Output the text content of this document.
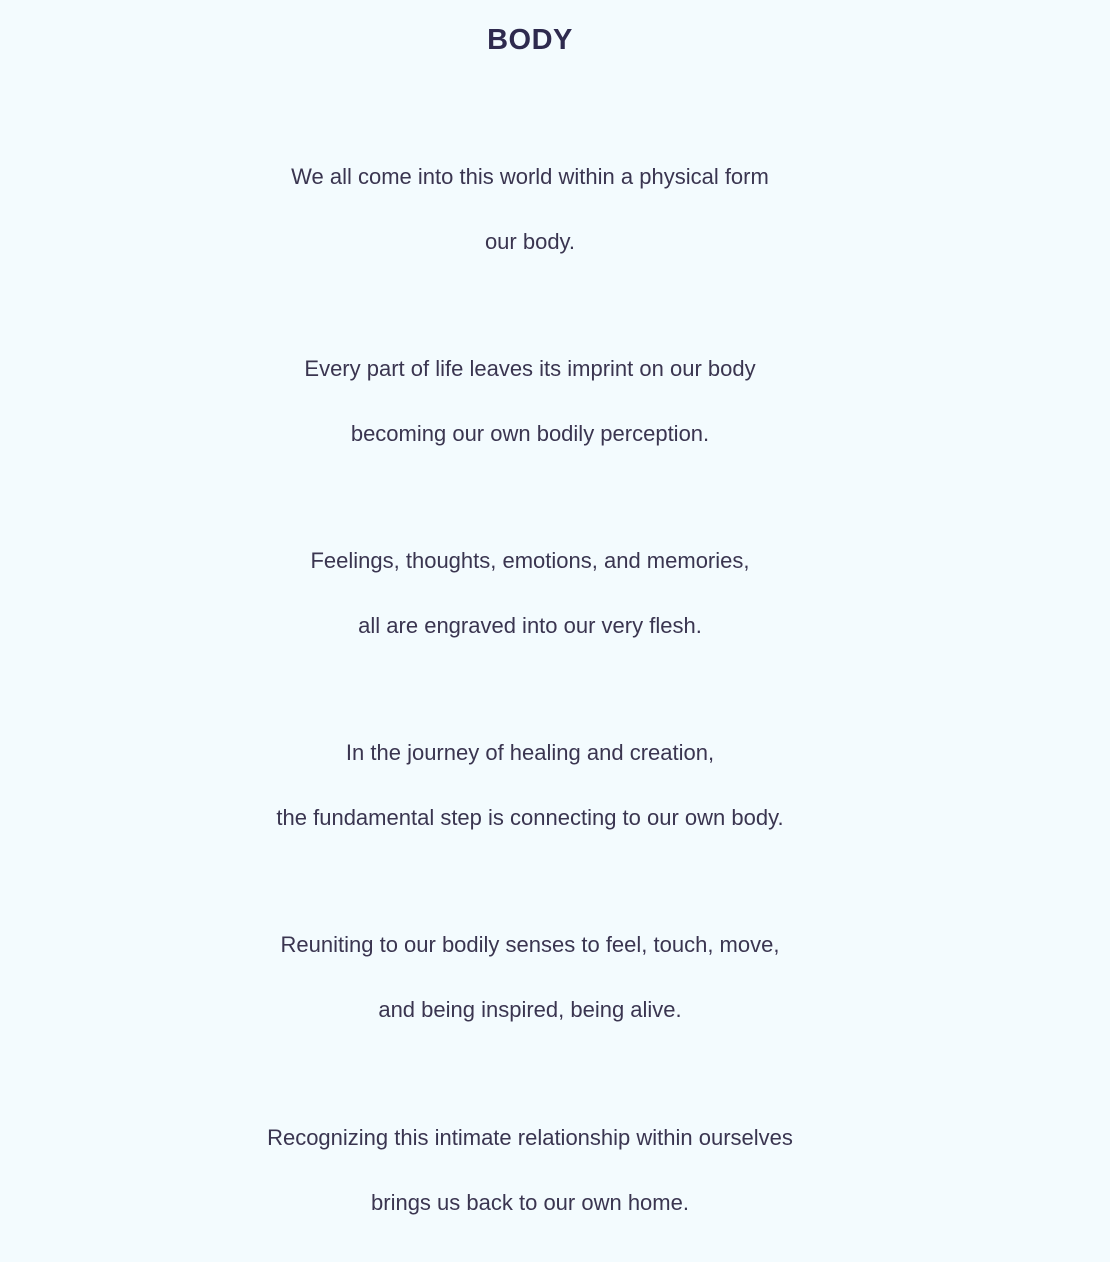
BODY
We all come into this world within a physical form
our body.
Every part of life leaves its imprint on our body
becoming our own bodily perception.
Feelings, thoughts, emotions, and memories,
all are engraved into our very flesh.
In the journey of healing and creation,
the fundamental step is connecting to our own body.
Reuniting to our bodily senses to feel, touch, move,
and being inspired, being alive.
Recognizing this intimate relationship within ourselves
brings us back to our own home.
